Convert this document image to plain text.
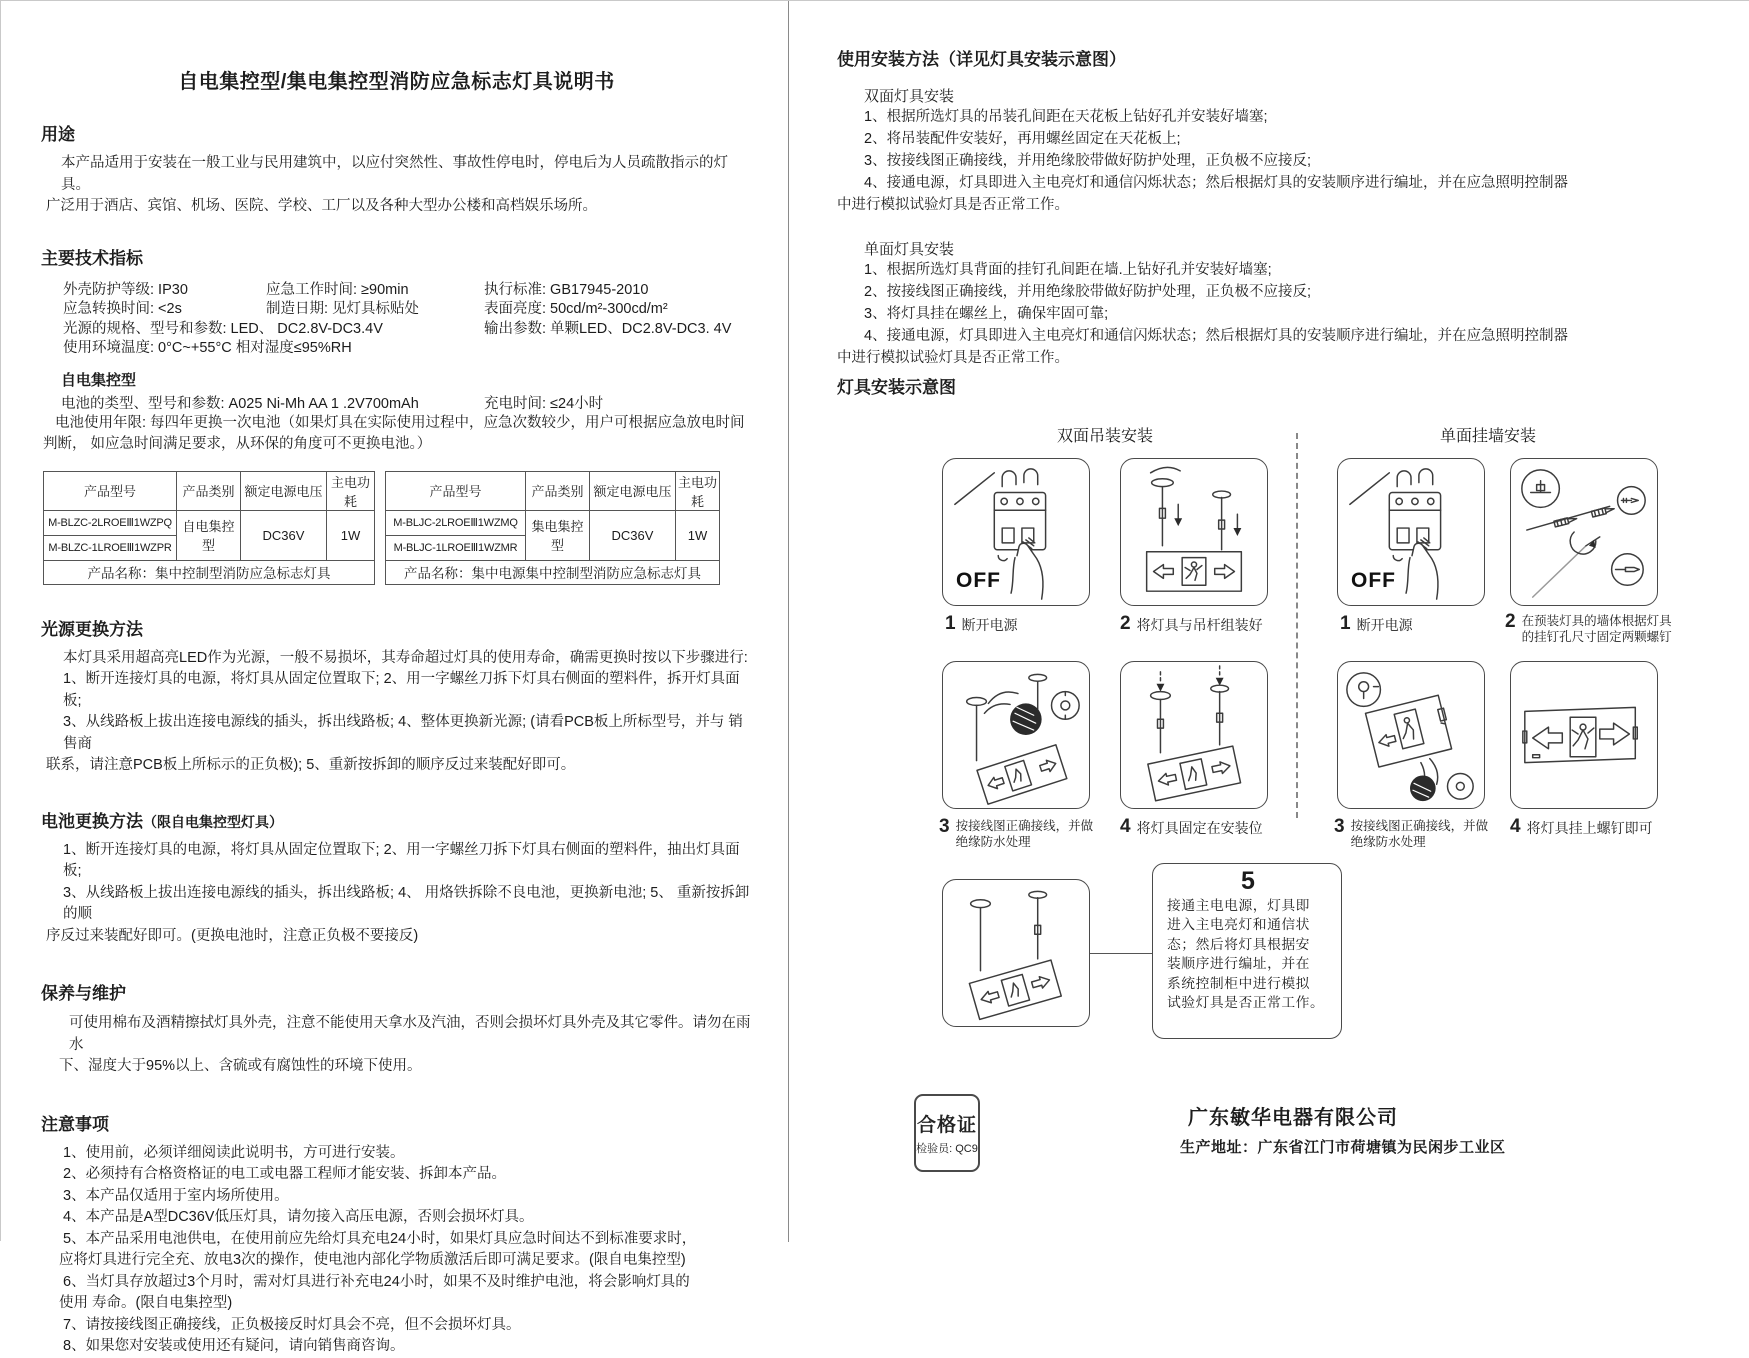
自电集控型/集电集控型消防应急标志灯具说明书
用途
本产品适用于安装在一般工业与民用建筑中，以应付突然性、事故性停电时，停电后为人员疏散指示的灯具。
广泛用于酒店、宾馆、机场、医院、学校、工厂以及各种大型办公楼和高档娱乐场所。
主要技术指标
外壳防护等级: IP30	应急工作时间: ≥90min	执行标准: GB17945-2010
应急转换时间: <2s	制造日期: 见灯具标贴处	表面亮度: 50cd/m²-300cd/m²
光源的规格、型号和参数: LED、 DC2.8V-DC3.4V	输出参数: 单颗LED、DC2.8V-DC3. 4V
使用环境温度: 0°C~+55°C 相对湿度≤95%RH
自电集控型
电池的类型、型号和参数: A025 Ni-Mh AA 1 .2V700mAh	充电时间: ≤24小时
电池使用年限: 每四年更换一次电池（如果灯具在实际使用过程中，应急次数较少，用户可根据应急放电时间
判断， 如应急时间满足要求，从环保的角度可不更换电池。）
产品型号	产品类别	额定电源电压	主电功耗
M-BLZC-2LROEⅢ1WZPQ	自电集控型	DC36V	1W
M-BLZC-1LROEⅢ1WZPR			
产品名称：集中控制型消防应急标志灯具			
产品型号	产品类别	额定电源电压	主电功耗
M-BLJC-2LROEⅢ1WZMQ	集电集控型	DC36V	1W
M-BLJC-1LROEⅢ1WZMR			
产品名称：集中电源集中控制型消防应急标志灯具			
光源更换方法
本灯具采用超高亮LED作为光源，一般不易损坏，其寿命超过灯具的使用寿命，确需更换时按以下步骤进行:
1、断开连接灯具的电源，将灯具从固定位置取下; 2、用一字螺丝刀拆下灯具右侧面的塑料件，拆开灯具面 板;
3、从线路板上拔出连接电源线的插头，拆出线路板; 4、整体更换新光源; (请看PCB板上所标型号，并与 销售商
联系，请注意PCB板上所标示的正负极); 5、重新按拆卸的顺序反过来装配好即可。
电池更换方法（限自电集控型灯具）
1、断开连接灯具的电源，将灯具从固定位置取下; 2、用一字螺丝刀拆下灯具右侧面的塑料件，抽出灯具面板;
3、从线路板上拔出连接电源线的插头，拆出线路板; 4、 用烙铁拆除不良电池，更换新电池; 5、 重新按拆卸的顺
序反过来装配好即可。(更换电池时，注意正负极不要接反)
保养与维护
可使用棉布及酒精擦拭灯具外壳，注意不能使用天拿水及汽油，否则会损坏灯具外壳及其它零件。请勿在雨水
下、湿度大于95%以上、含硫或有腐蚀性的环境下使用。
注意事项
1、使用前，必须详细阅读此说明书，方可进行安装。
2、必须持有合格资格证的电工或电器工程师才能安装、拆卸本产品。
3、本产品仅适用于室内场所使用。
4、本产品是A型DC36V低压灯具，请勿接入高压电源，否则会损坏灯具。
5、本产品采用电池供电，在使用前应先给灯具充电24小时，如果灯具应急时间达不到标准要求时，
应将灯具进行完全充、放电3次的操作，使电池内部化学物质激活后即可满足要求。(限自电集控型)
6、当灯具存放超过3个月时，需对灯具进行补充电24小时，如果不及时维护电池，将会影响灯具的
使用 寿命。(限自电集控型)
7、请按接线图正确接线，正负极接反时灯具会不亮，但不会损坏灯具。
8、如果您对安装或使用还有疑问，请向销售商咨询。
使用安装方法（详见灯具安装示意图）
双面灯具安装
1、根据所选灯具的吊装孔间距在天花板上钻好孔并安装好墙塞;
2、将吊装配件安装好，再用螺丝固定在天花板上;
3、按接线图正确接线，并用绝缘胶带做好防护处理，正负极不应接反;
4、接通电源，灯具即进入主电亮灯和通信闪烁状态；然后根据灯具的安装顺序进行编址，并在应急照明控制器
中进行模拟试验灯具是否正常工作。
单面灯具安装
1、根据所选灯具背面的挂钉孔间距在墙.上钻好孔并安装好墙塞;
2、按接线图正确接线，并用绝缘胶带做好防护处理，正负极不应接反;
3、将灯具挂在螺丝上，确保牢固可靠;
4、接通电源，灯具即进入主电亮灯和通信闪烁状态；然后根据灯具的安装顺序进行编址，并在应急照明控制器
中进行模拟试验灯具是否正常工作。
灯具安装示意图
双面吊装安装	单面挂墙安装
OFF	OFF
1 断开电源	2 将灯具与吊杆组装好	1 断开电源	2 在预装灯具的墙体根据灯具
的挂钉孔尺寸固定两颗螺钉
3 按接线图正确接线，并做
绝缘防水处理
4 将灯具固定在安装位	3 按接线图正确接线，并做
绝缘防水处理
4 将灯具挂上螺钉即可
5
接通主电电源，灯具即
进入主电亮灯和通信状
态；然后将灯具根据安
装顺序进行编址，并在
系统控制柜中进行模拟
试验灯具是否正常工作。
合格证
检验员: QC9
广东敏华电器有限公司
生产地址：广东省江门市荷塘镇为民闲步工业区
